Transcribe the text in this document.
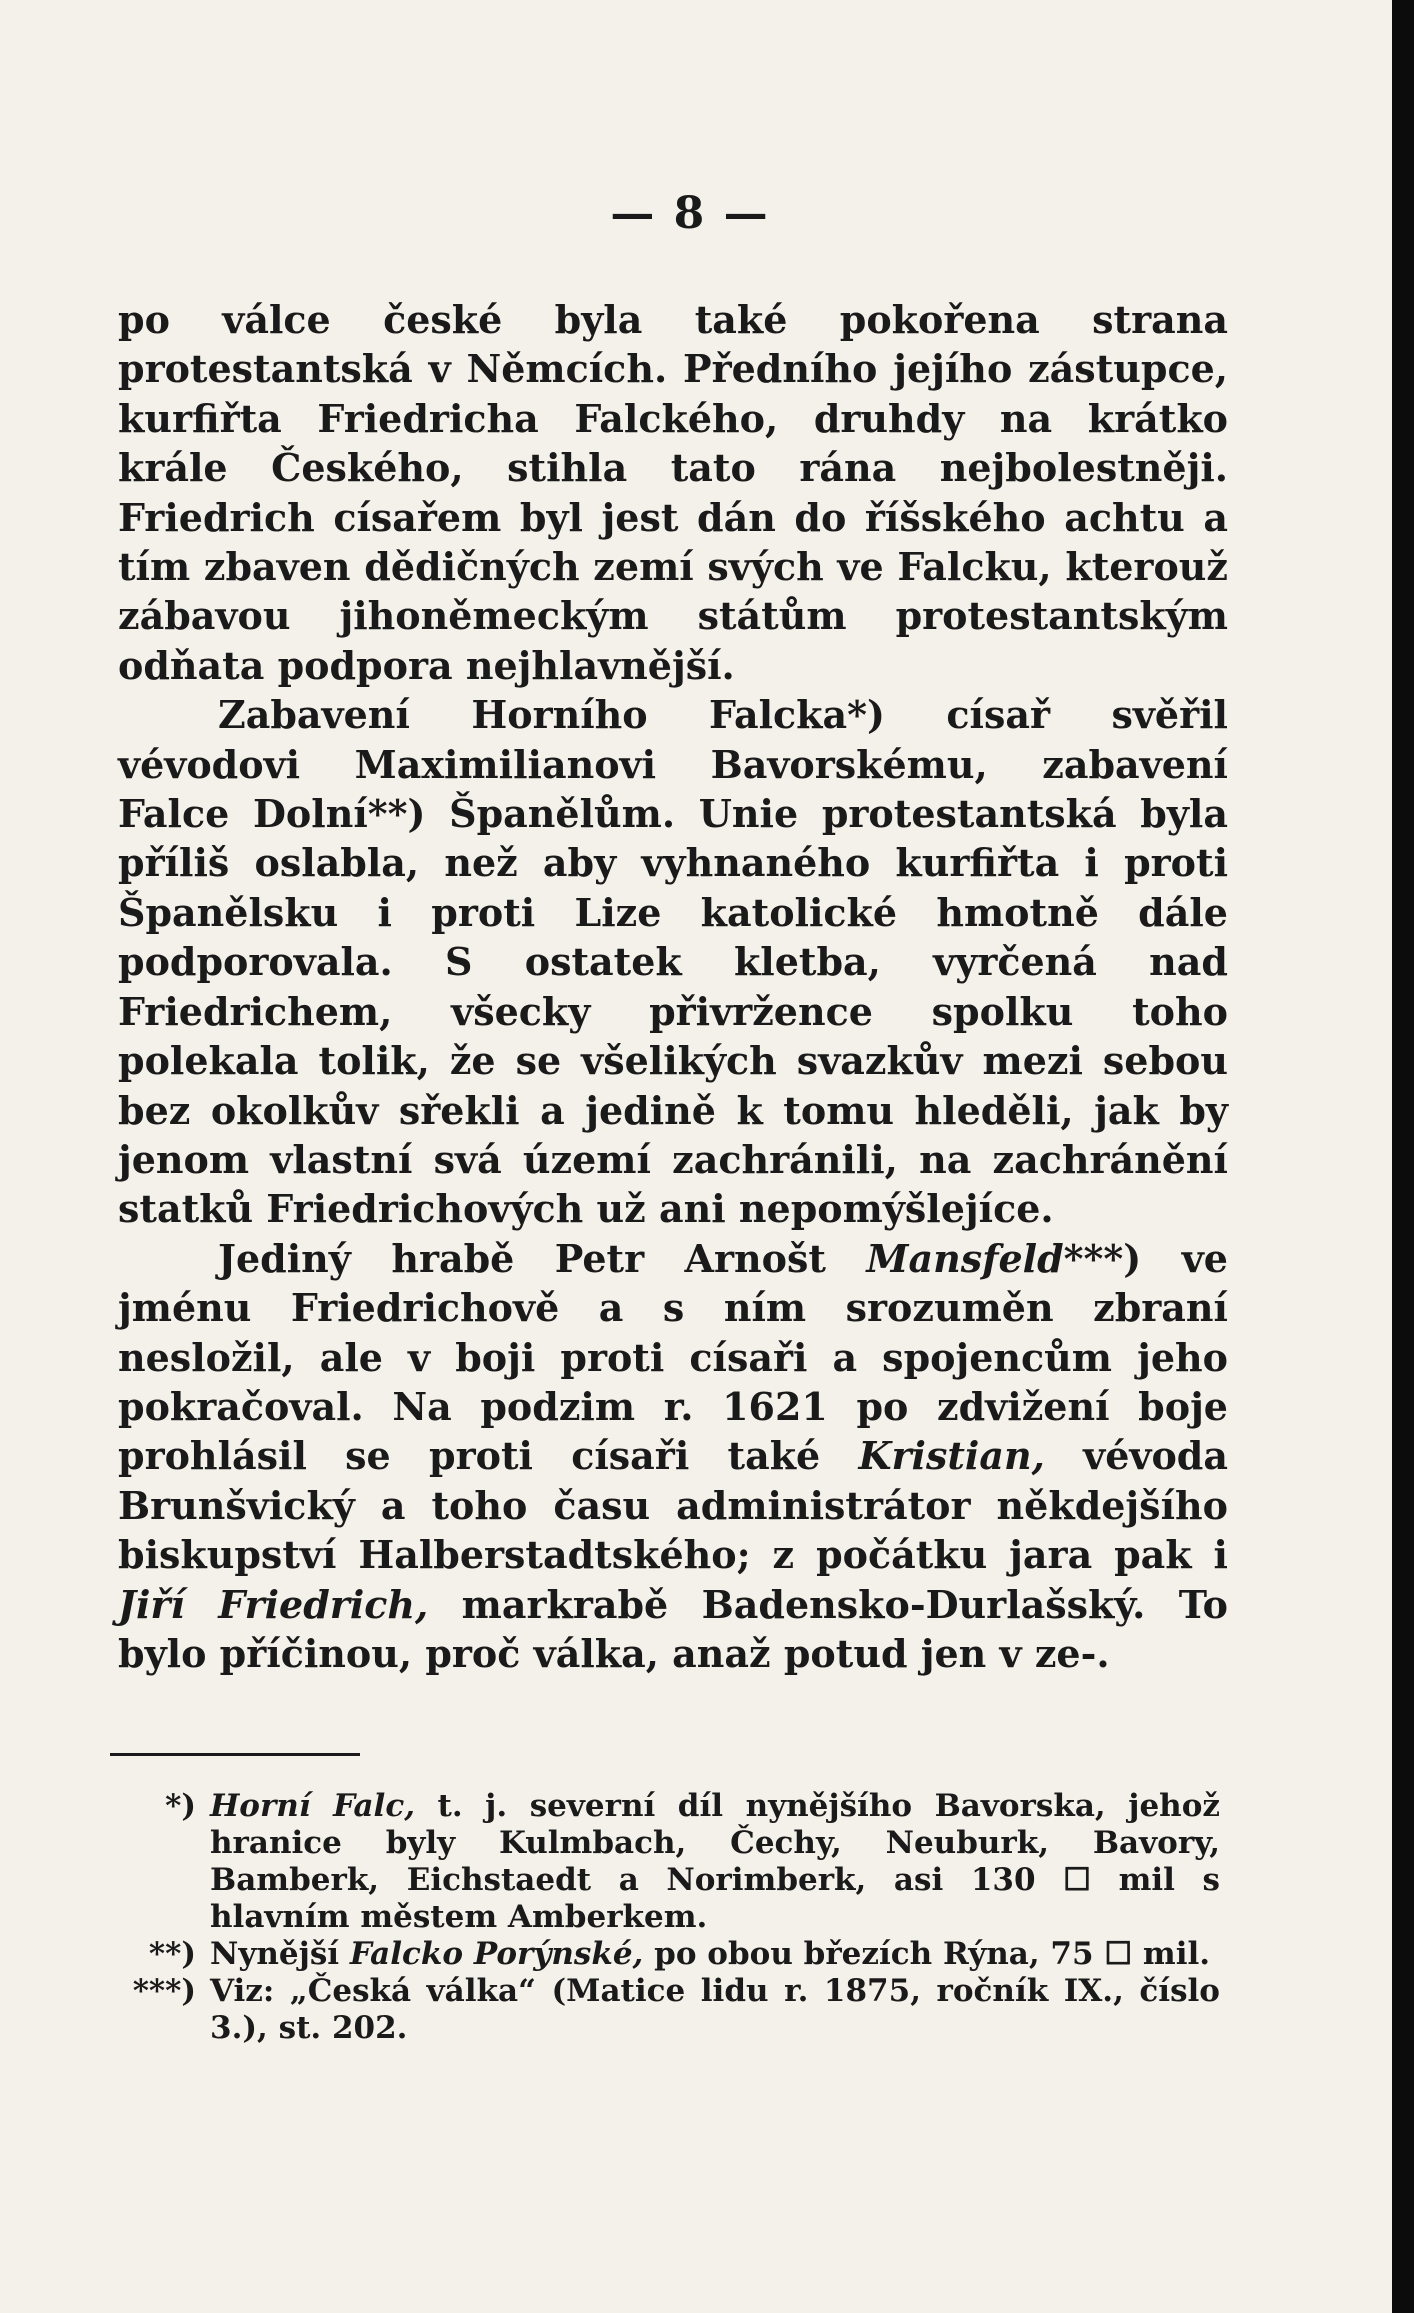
— 8 —

po válce české byla také pokořena strana protestantská v Němcích. Předního jejího zástupce, kurfiřta Friedricha Falckého, druhdy na krátko krále Českého, stihla tato rána nejbolestněji. Friedrich císařem byl jest dán do říšského achtu a tím zbaven dědičných zemí svých ve Falcku, kterouž zábavou jihoněmeckým státům protestantským odňata podpora nejhlavnější.

Zabavení Horního Falcka*) císař svěřil vévodovi Maximilianovi Bavorskému, zabavení Falce Dolní**) Španělům. Unie protestantská byla příliš oslabla, než aby vyhnaného kurfiřta i proti Španělsku i proti Lize katolické hmotně dále podporovala. S ostatek kletba, vyrčená nad Friedrichem, všecky přivržence spolku toho polekala tolik, že se všelikých svazkův mezi sebou bez okolkův sřekli a jedině k tomu hleděli, jak by jenom vlastní svá území zachránili, na zachránění statků Friedrichových už ani nepomýšlejíce.

Jediný hrabě Petr Arnošt Mansfeld***) ve jménu Friedrichově a s ním srozuměn zbraní nesložil, ale v boji proti císaři a spojencům jeho pokračoval. Na podzim r. 1621 po zdvižení boje prohlásil se proti císaři také Kristian, vévoda Brunšvický a toho času administrátor někdejšího biskupství Halberstadtského; z počátku jara pak i Jiří Friedrich, markrabě Badensko-Durlašský. To bylo příčinou, proč válka, anaž potud jen v ze-.

*) Horní Falc, t. j. severní díl nynějšího Bavorska, jehož hranice byly Kulmbach, Čechy, Neuburk, Bavory, Bamberk, Eichstaedt a Norimberk, asi 130 ☐ mil s hlavním městem Amberkem.
**) Nynější Falcko Porýnské, po obou březích Rýna, 75 ☐ mil.
***) Viz: „Česká válka“ (Matice lidu r. 1875, ročník IX., číslo 3.), st. 202.
